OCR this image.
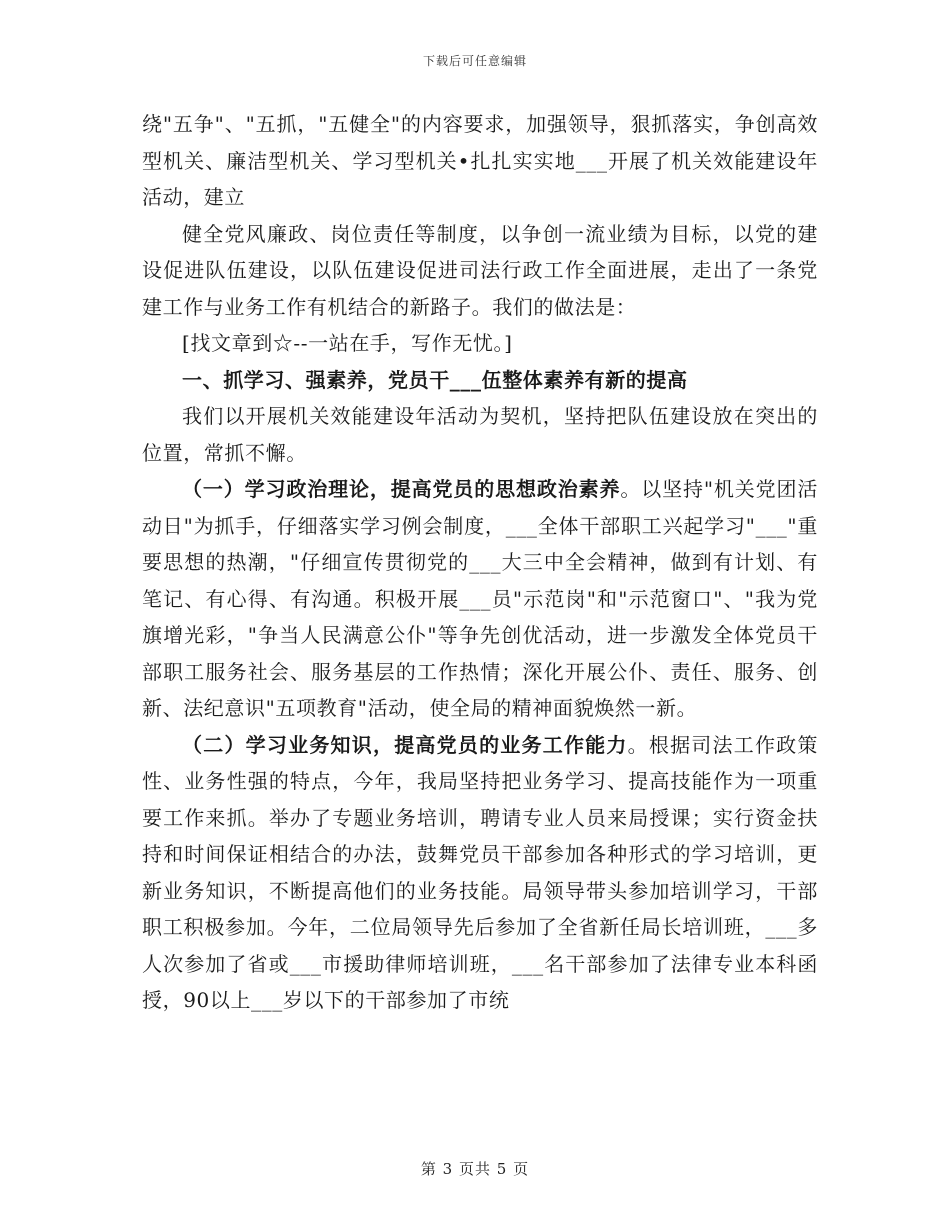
下载后可任意编辑

绕"五争"、"五抓，"五健全"的内容要求，加强领导，狠抓落实，争创高效型机关、廉洁型机关、学习型机关•扎扎实实地___开展了机关效能建设年活动，建立

健全党风廉政、岗位责任等制度，以争创一流业绩为目标，以党的建设促进队伍建设，以队伍建设促进司法行政工作全面进展，走出了一条党建工作与业务工作有机结合的新路子。我们的做法是：

[找文章到☆--一站在手，写作无忧。]

一、抓学习、强素养，党员干___伍整体素养有新的提高

我们以开展机关效能建设年活动为契机，坚持把队伍建设放在突出的位置，常抓不懈。

（一）学习政治理论，提高党员的思想政治素养。以坚持"机关党团活动日"为抓手，仔细落实学习例会制度，___全体干部职工兴起学习"___"重要思想的热潮，"仔细宣传贯彻党的___大三中全会精神，做到有计划、有笔记、有心得、有沟通。积极开展___员"示范岗"和"示范窗口"、"我为党旗增光彩，"争当人民满意公仆"等争先创优活动，进一步激发全体党员干部职工服务社会、服务基层的工作热情；深化开展公仆、责任、服务、创新、法纪意识"五项教育"活动，使全局的精神面貌焕然一新。

（二）学习业务知识，提高党员的业务工作能力。根据司法工作政策性、业务性强的特点，今年，我局坚持把业务学习、提高技能作为一项重要工作来抓。举办了专题业务培训，聘请专业人员来局授课；实行资金扶持和时间保证相结合的办法，鼓舞党员干部参加各种形式的学习培训，更新业务知识，不断提高他们的业务技能。局领导带头参加培训学习，干部职工积极参加。今年，二位局领导先后参加了全省新任局长培训班，___多人次参加了省或___市援助律师培训班，___名干部参加了法律专业本科函授，90以上___岁以下的干部参加了市统

第 3 页共 5 页
